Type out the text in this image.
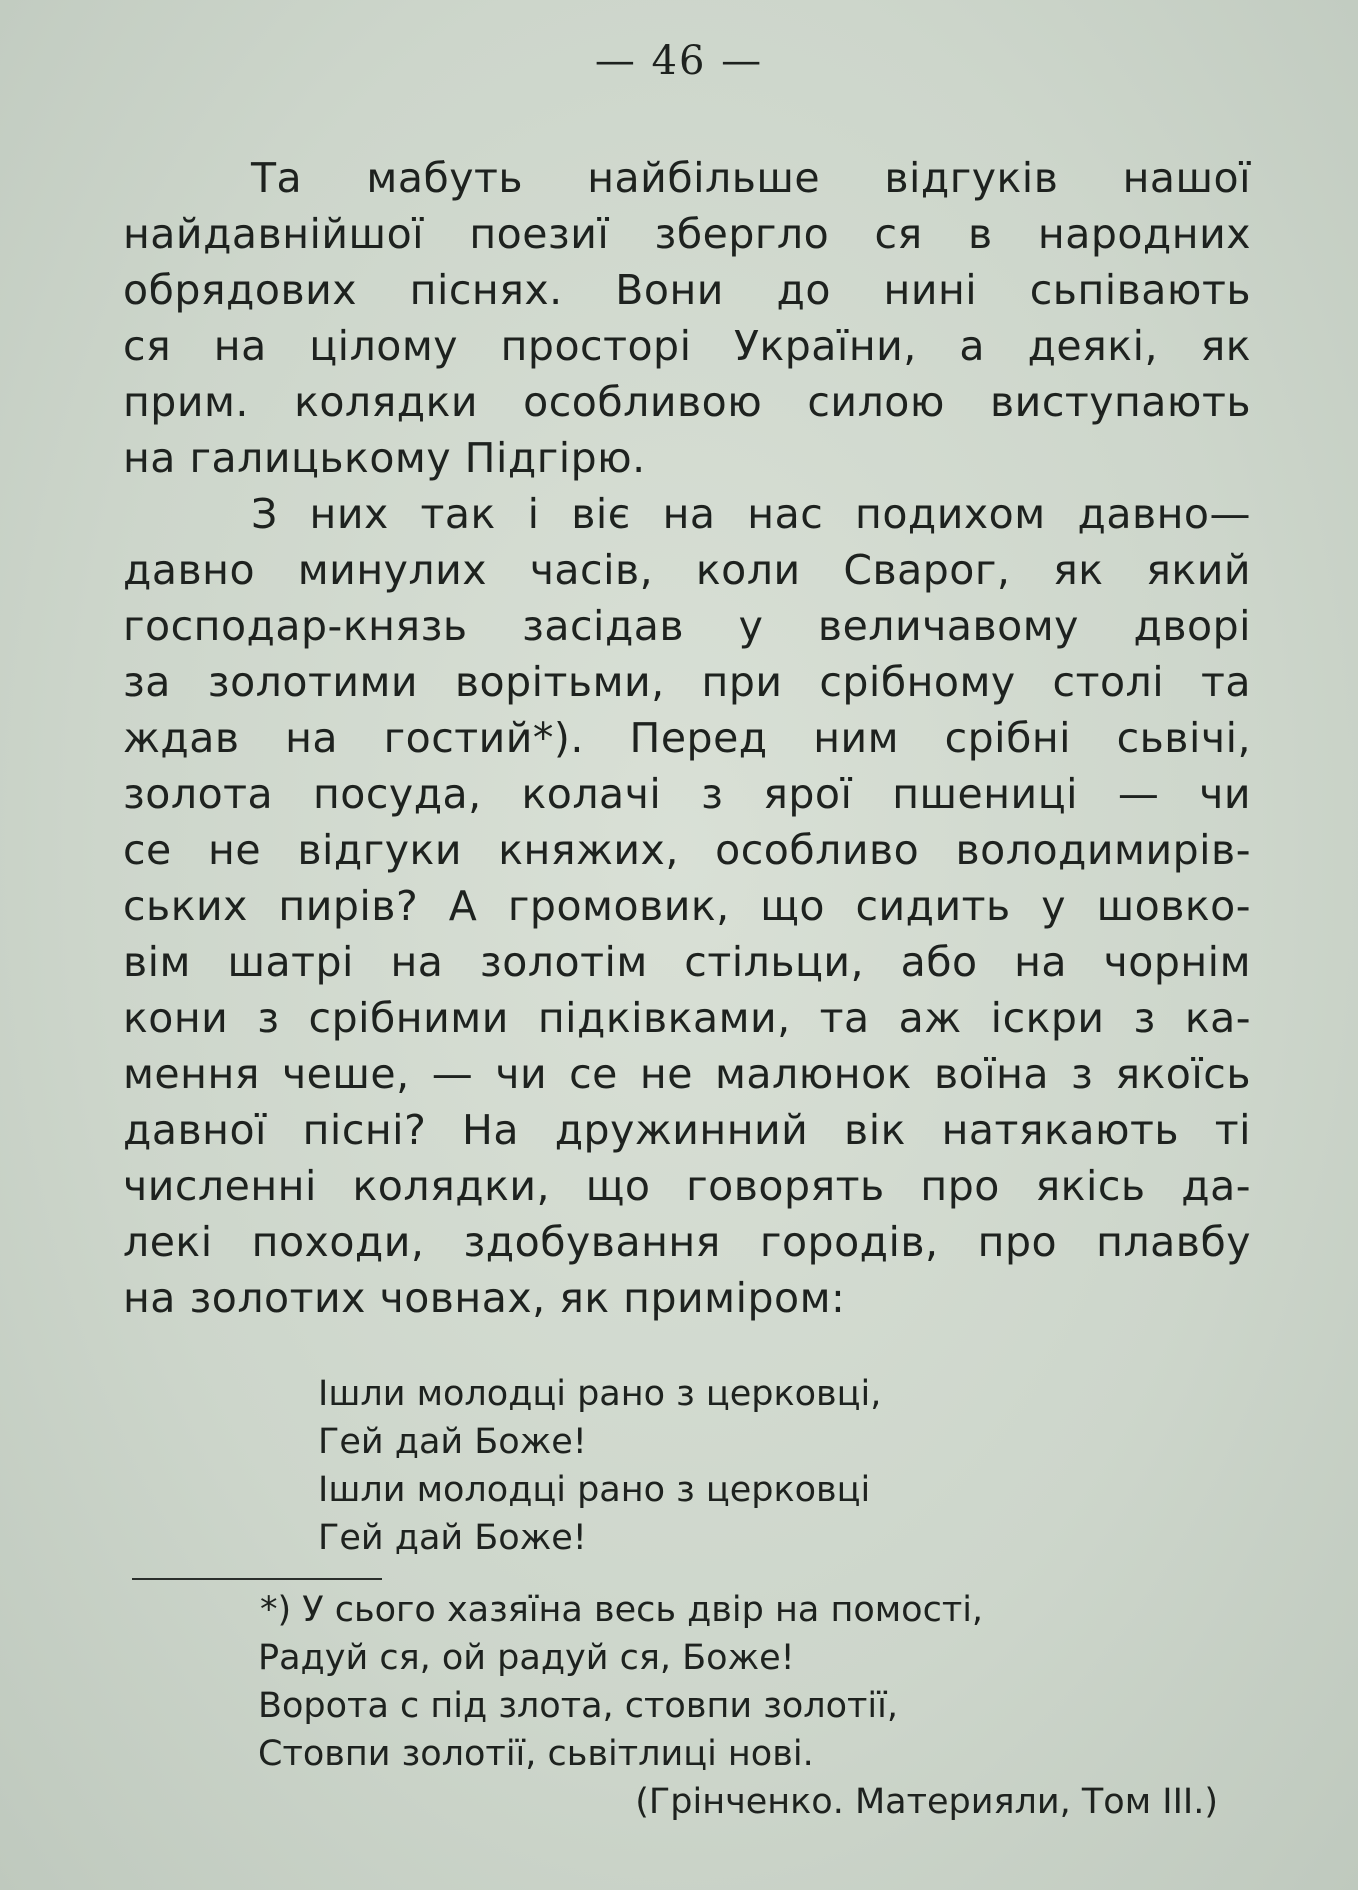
— 46 —
Та мабуть найбільше відгуків нашої
найдавнійшої поезиї збергло ся в народних
обрядових піснях. Вони до нині сьпівають
ся на цілому просторі України, а деякі, як
прим. колядки особливою силою виступають
на галицькому Підгірю.
З них так і віє на нас подихом давно—
давно минулих часів, коли Сварог, як який
господар-князь засідав у величавому дворі
за золотими ворітьми, при срібному столі та
ждав на гостий*). Перед ним срібні сьвічі,
золота посуда, колачі з ярої пшениці — чи
се не відгуки княжих, особливо володимирів-
ських пирів? А громовик, що сидить у шовко-
вім шатрі на золотім стільци, або на чорнім
кони з срібними підківками, та аж іскри з ка-
мення чеше, — чи се не малюнок воїна з якоїсь
давної пісні? На дружинний вік натякають ті
численні колядки, що говорять про якісь да-
лекі походи, здобування городів, про плавбу
на золотих човнах, як приміром:
Ішли молодці рано з церковці,
Гей дай Боже!
Ішли молодці рано з церковці
Гей дай Боже!
*) У сього хазяїна весь двір на помості,
Радуй ся, ой радуй ся, Боже!
Ворота с під злота, стовпи золотії,
Стовпи золотії, сьвітлиці нові.
(Грінченко. Материяли, Том III.)
